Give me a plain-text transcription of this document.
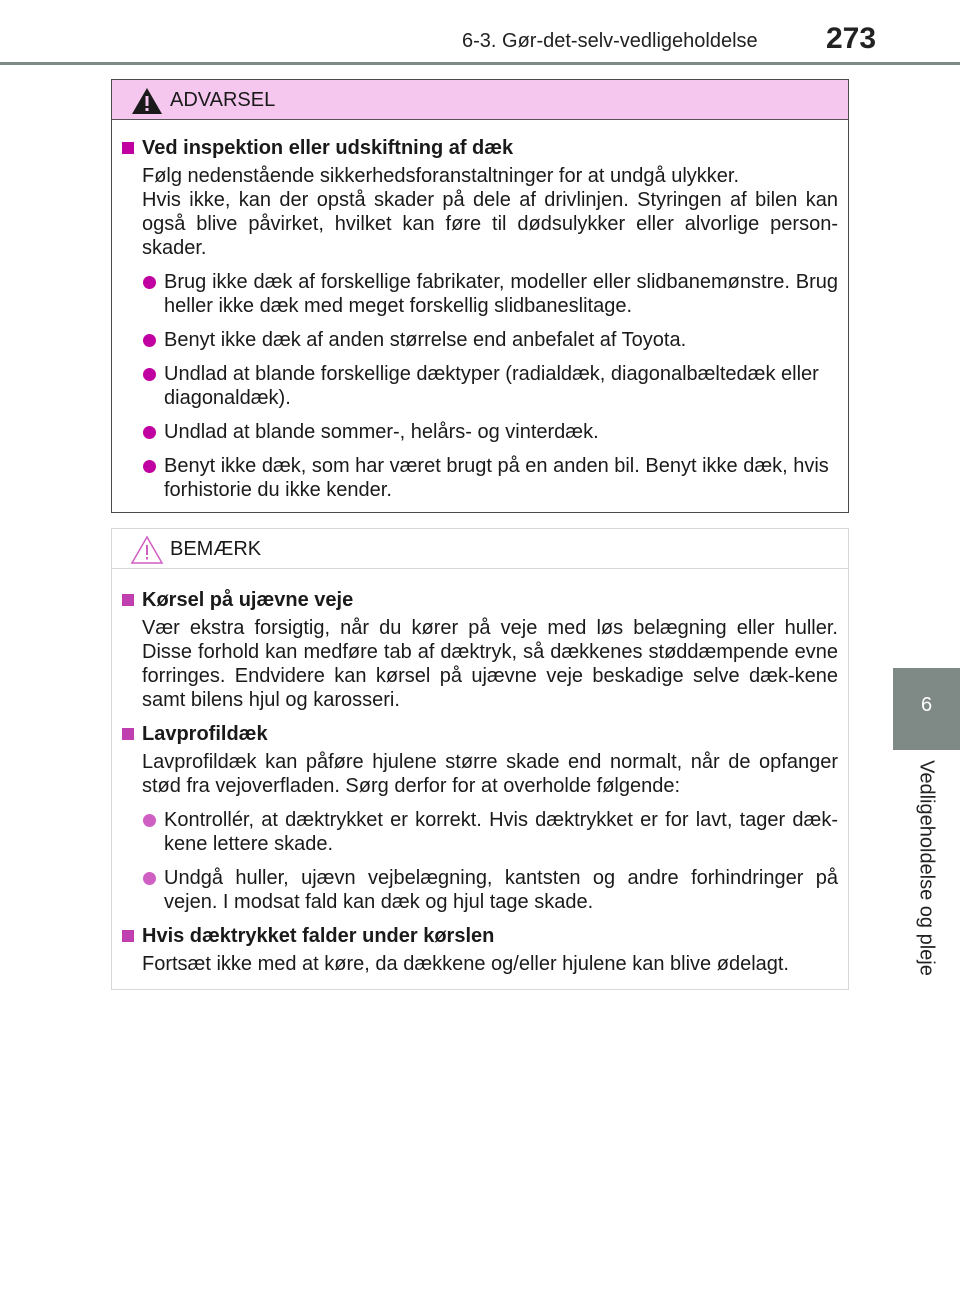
6-3. Gør-det-selv-vedligeholdelse 273
6
Vedligeholdelse og pleje
ADVARSEL
Ved inspektion eller udskiftning af dæk
Følg nedenstående sikkerhedsforanstaltninger for at undgå ulykker.
Hvis ikke, kan der opstå skader på dele af drivlinjen. Styringen af bilen kan også blive påvirket, hvilket kan føre til dødsulykker eller alvorlige person-skader.
Brug ikke dæk af forskellige fabrikater, modeller eller slidbanemønstre. Brug heller ikke dæk med meget forskellig slidbaneslitage.
Benyt ikke dæk af anden størrelse end anbefalet af Toyota.
Undlad at blande forskellige dæktyper (radialdæk, diagonalbæltedæk eller diagonaldæk).
Undlad at blande sommer-, helårs- og vinterdæk.
Benyt ikke dæk, som har været brugt på en anden bil. Benyt ikke dæk, hvis forhistorie du ikke kender.
BEMÆRK
Kørsel på ujævne veje
Vær ekstra forsigtig, når du kører på veje med løs belægning eller huller. Disse forhold kan medføre tab af dæktryk, så dækkenes støddæmpende evne forringes. Endvidere kan kørsel på ujævne veje beskadige selve dæk-kene samt bilens hjul og karosseri.
Lavprofildæk
Lavprofildæk kan påføre hjulene større skade end normalt, når de opfanger stød fra vejoverfladen. Sørg derfor for at overholde følgende:
Kontrollér, at dæktrykket er korrekt. Hvis dæktrykket er for lavt, tager dæk-kene lettere skade.
Undgå huller, ujævn vejbelægning, kantsten og andre forhindringer på vejen. I modsat fald kan dæk og hjul tage skade.
Hvis dæktrykket falder under kørslen
Fortsæt ikke med at køre, da dækkene og/eller hjulene kan blive ødelagt.
